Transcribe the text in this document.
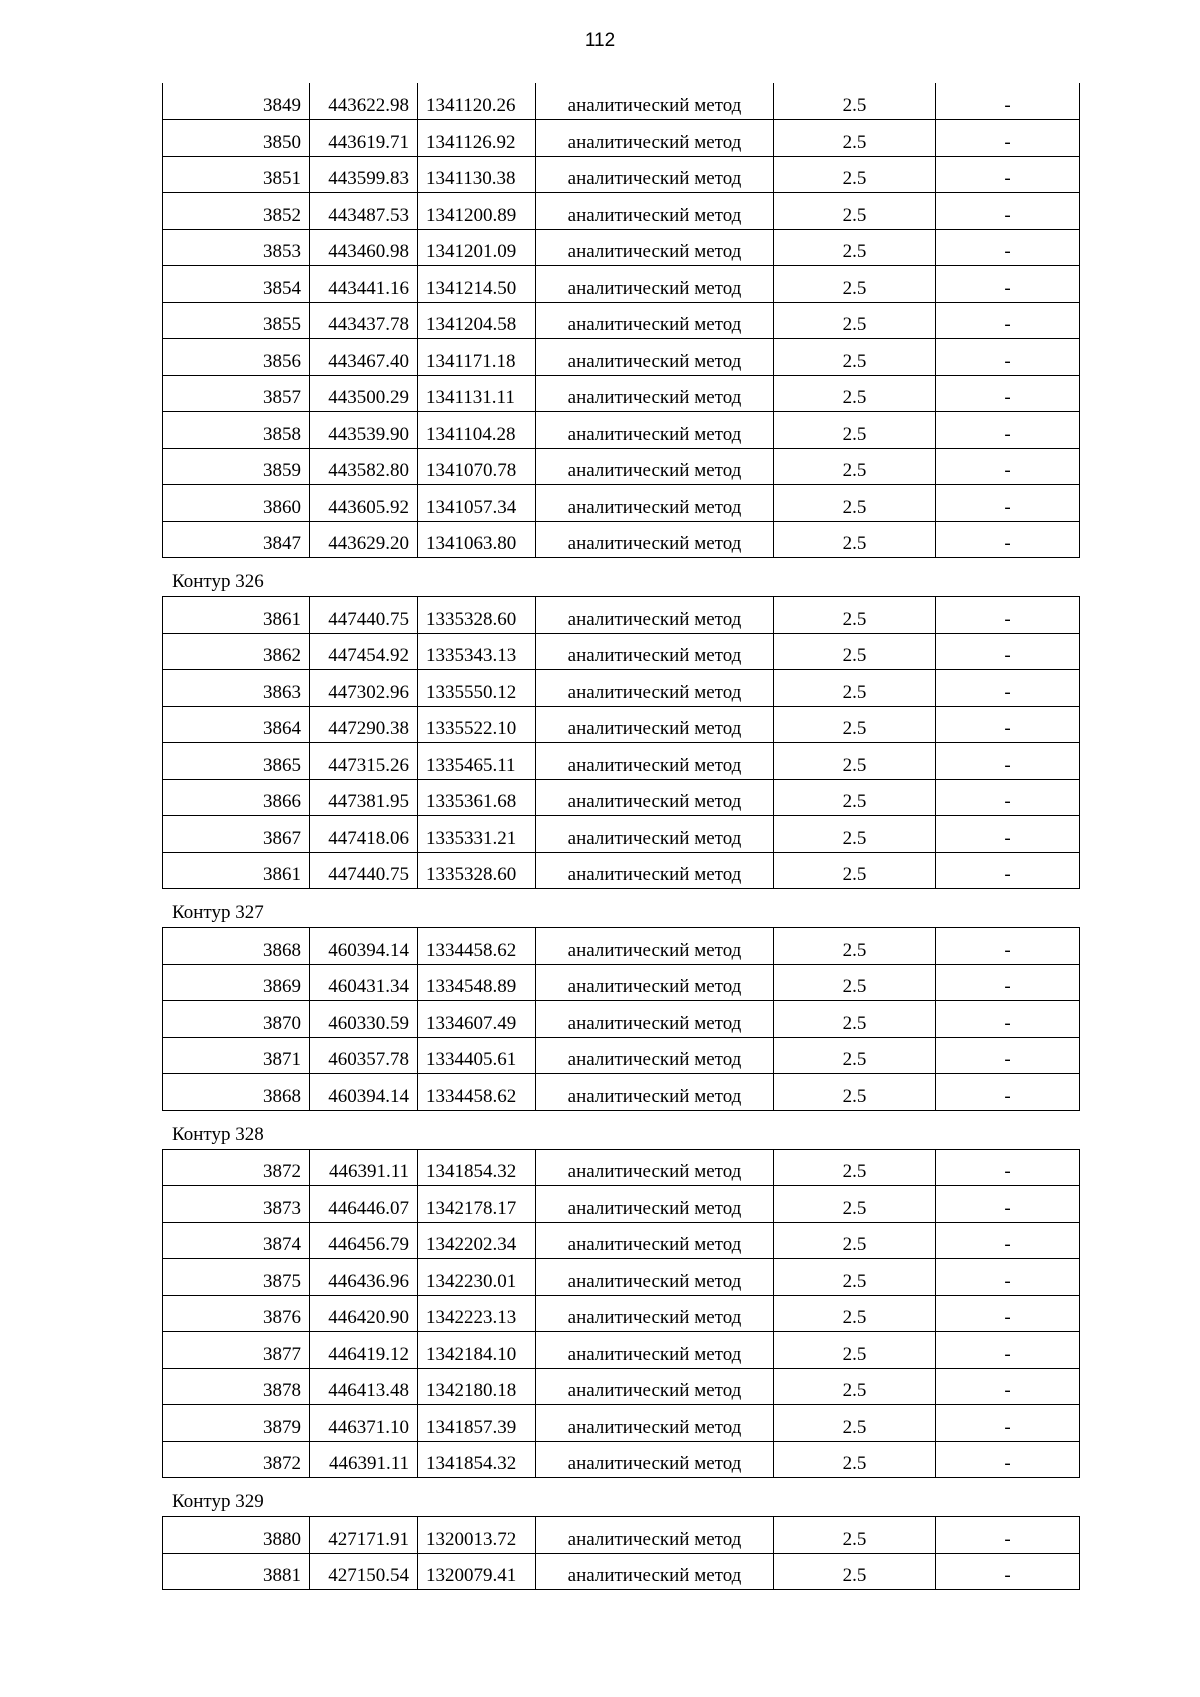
112
3849	443622.98	1341120.26	аналитический метод	2.5	-
3850	443619.71	1341126.92	аналитический метод	2.5	-
3851	443599.83	1341130.38	аналитический метод	2.5	-
3852	443487.53	1341200.89	аналитический метод	2.5	-
3853	443460.98	1341201.09	аналитический метод	2.5	-
3854	443441.16	1341214.50	аналитический метод	2.5	-
3855	443437.78	1341204.58	аналитический метод	2.5	-
3856	443467.40	1341171.18	аналитический метод	2.5	-
3857	443500.29	1341131.11	аналитический метод	2.5	-
3858	443539.90	1341104.28	аналитический метод	2.5	-
3859	443582.80	1341070.78	аналитический метод	2.5	-
3860	443605.92	1341057.34	аналитический метод	2.5	-
3847	443629.20	1341063.80	аналитический метод	2.5	-
Контур 326
3861	447440.75	1335328.60	аналитический метод	2.5	-
3862	447454.92	1335343.13	аналитический метод	2.5	-
3863	447302.96	1335550.12	аналитический метод	2.5	-
3864	447290.38	1335522.10	аналитический метод	2.5	-
3865	447315.26	1335465.11	аналитический метод	2.5	-
3866	447381.95	1335361.68	аналитический метод	2.5	-
3867	447418.06	1335331.21	аналитический метод	2.5	-
3861	447440.75	1335328.60	аналитический метод	2.5	-
Контур 327
3868	460394.14	1334458.62	аналитический метод	2.5	-
3869	460431.34	1334548.89	аналитический метод	2.5	-
3870	460330.59	1334607.49	аналитический метод	2.5	-
3871	460357.78	1334405.61	аналитический метод	2.5	-
3868	460394.14	1334458.62	аналитический метод	2.5	-
Контур 328
3872	446391.11	1341854.32	аналитический метод	2.5	-
3873	446446.07	1342178.17	аналитический метод	2.5	-
3874	446456.79	1342202.34	аналитический метод	2.5	-
3875	446436.96	1342230.01	аналитический метод	2.5	-
3876	446420.90	1342223.13	аналитический метод	2.5	-
3877	446419.12	1342184.10	аналитический метод	2.5	-
3878	446413.48	1342180.18	аналитический метод	2.5	-
3879	446371.10	1341857.39	аналитический метод	2.5	-
3872	446391.11	1341854.32	аналитический метод	2.5	-
Контур 329
3880	427171.91	1320013.72	аналитический метод	2.5	-
3881	427150.54	1320079.41	аналитический метод	2.5	-
